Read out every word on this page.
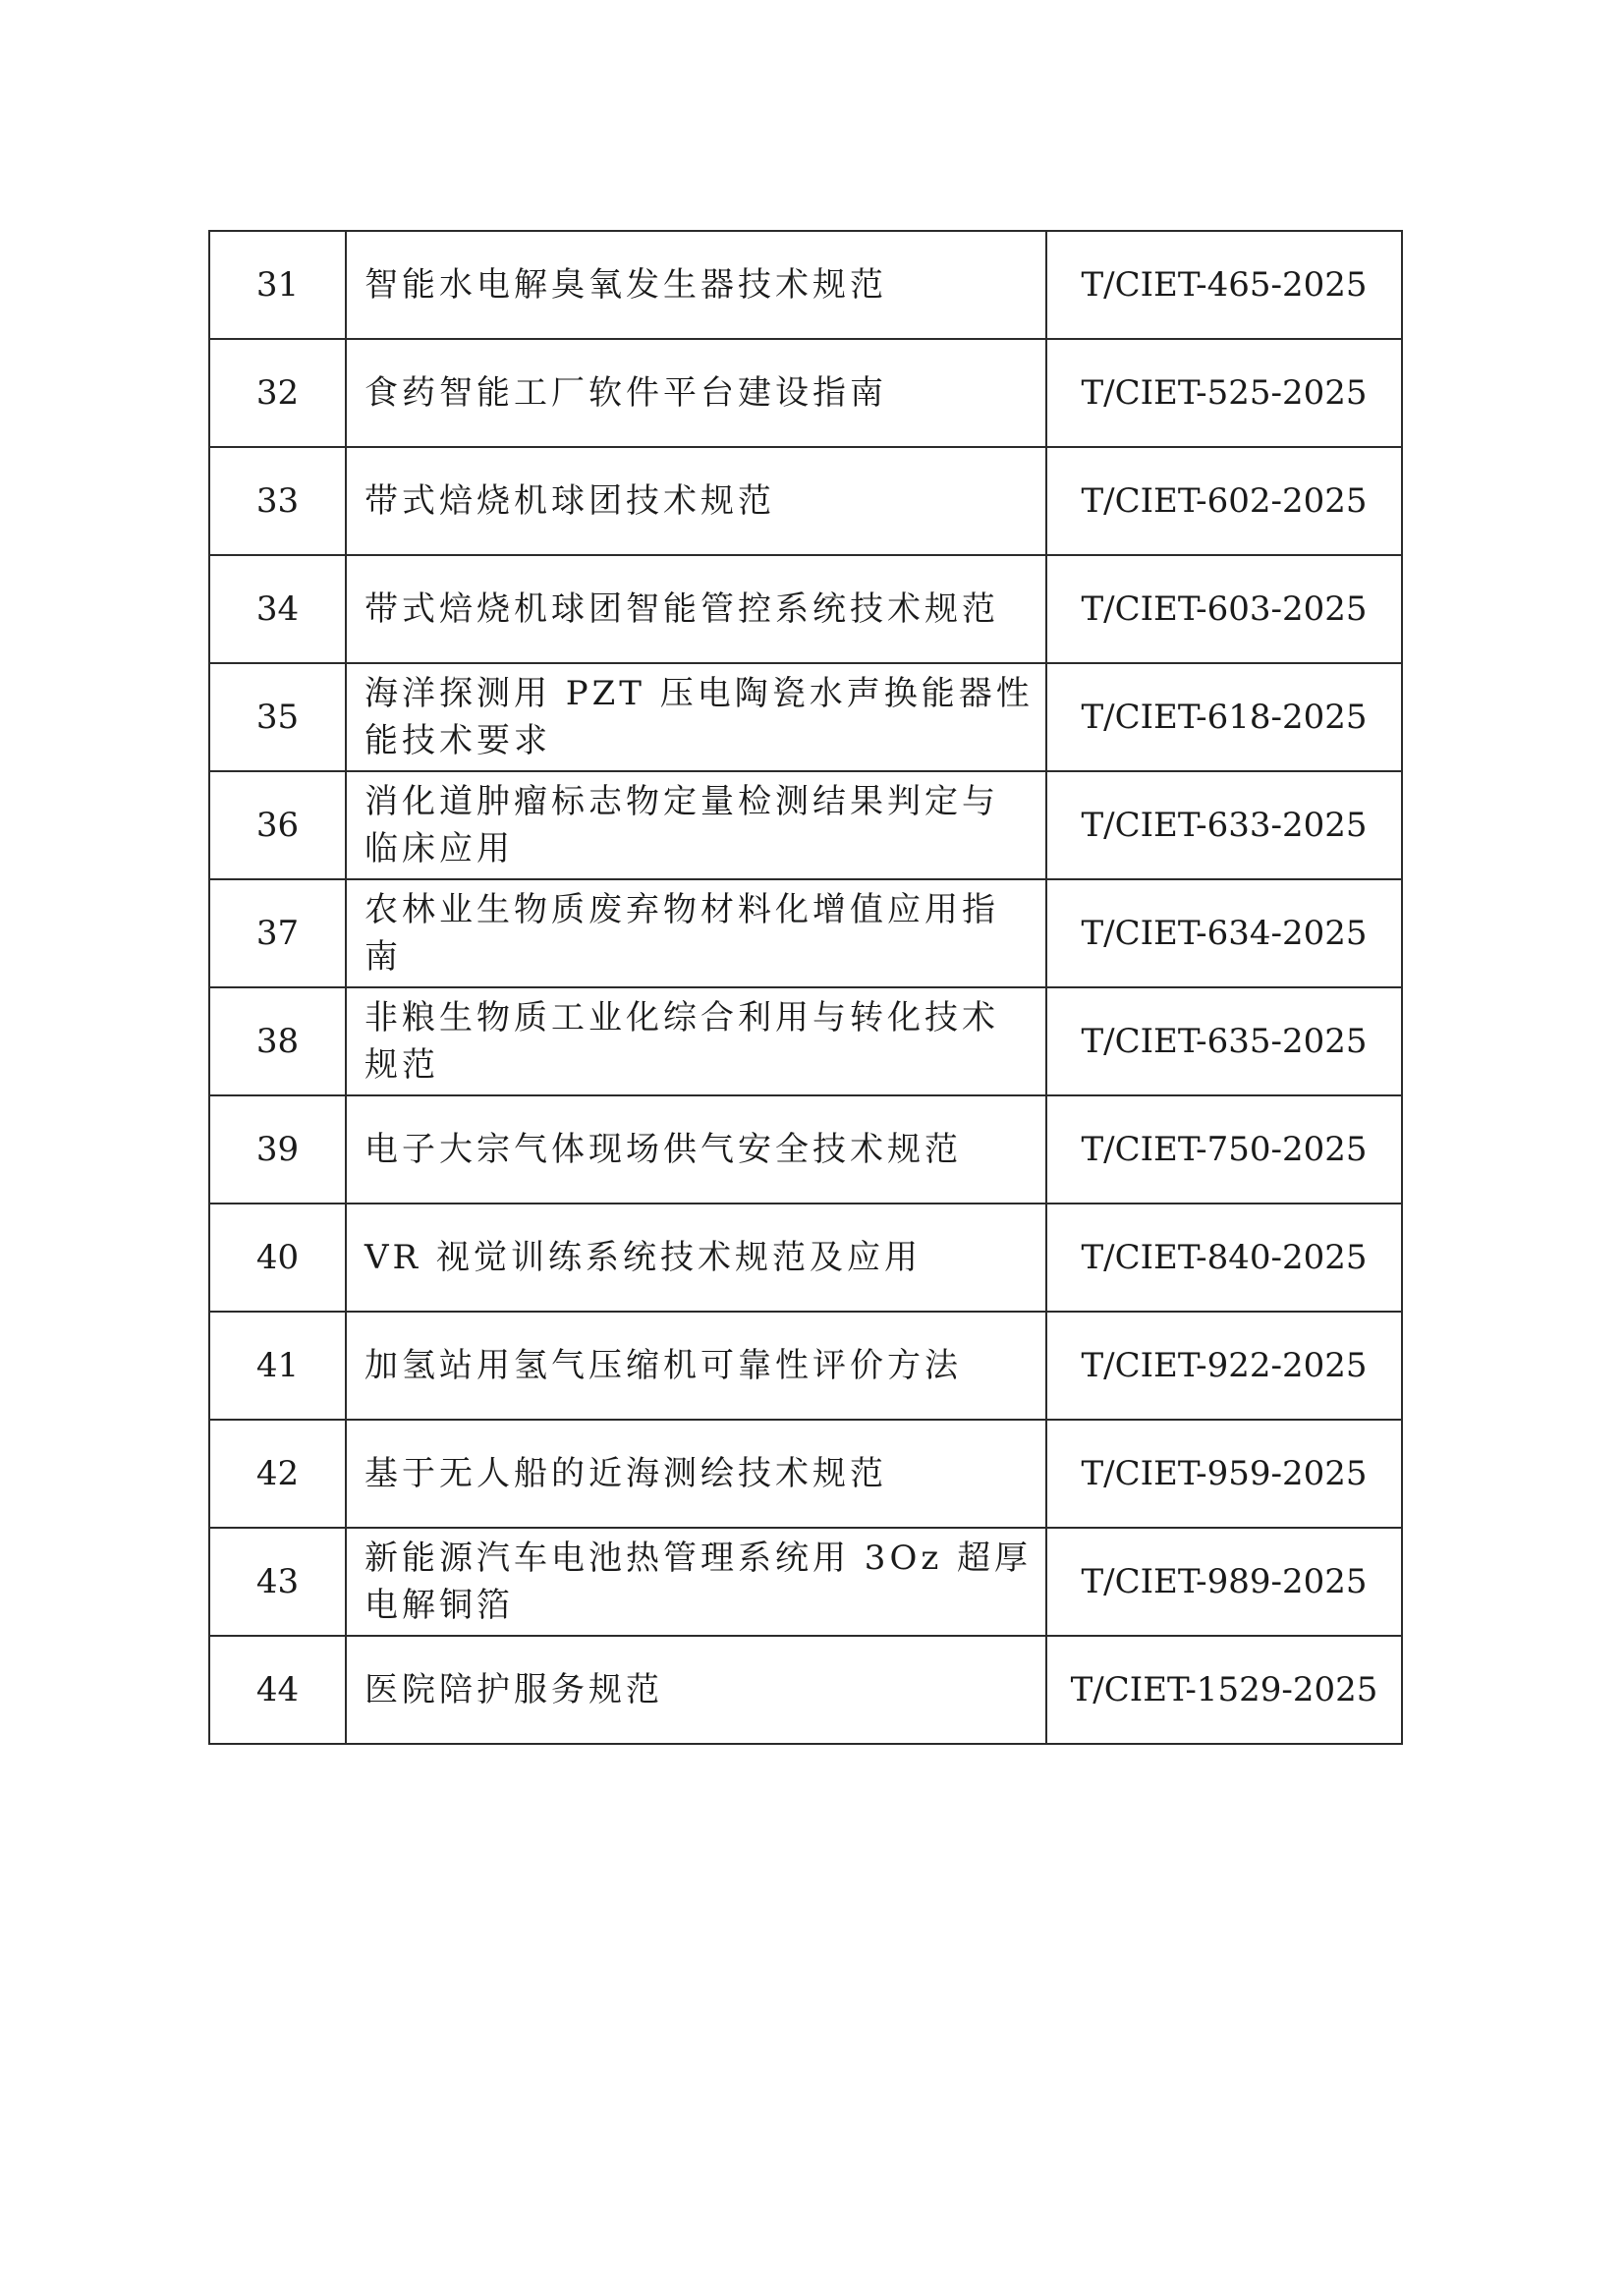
31	智能水电解臭氧发生器技术规范	T/CIET-465-2025
32	食药智能工厂软件平台建设指南	T/CIET-525-2025
33	带式焙烧机球团技术规范	T/CIET-602-2025
34	带式焙烧机球团智能管控系统技术规范	T/CIET-603-2025
35	海洋探测用 PZT 压电陶瓷水声换能器性能技术要求	T/CIET-618-2025
36	消化道肿瘤标志物定量检测结果判定与临床应用	T/CIET-633-2025
37	农林业生物质废弃物材料化增值应用指南	T/CIET-634-2025
38	非粮生物质工业化综合利用与转化技术规范	T/CIET-635-2025
39	电子大宗气体现场供气安全技术规范	T/CIET-750-2025
40	VR 视觉训练系统技术规范及应用	T/CIET-840-2025
41	加氢站用氢气压缩机可靠性评价方法	T/CIET-922-2025
42	基于无人船的近海测绘技术规范	T/CIET-959-2025
43	新能源汽车电池热管理系统用 3Oz 超厚电解铜箔	T/CIET-989-2025
44	医院陪护服务规范	T/CIET-1529-2025
